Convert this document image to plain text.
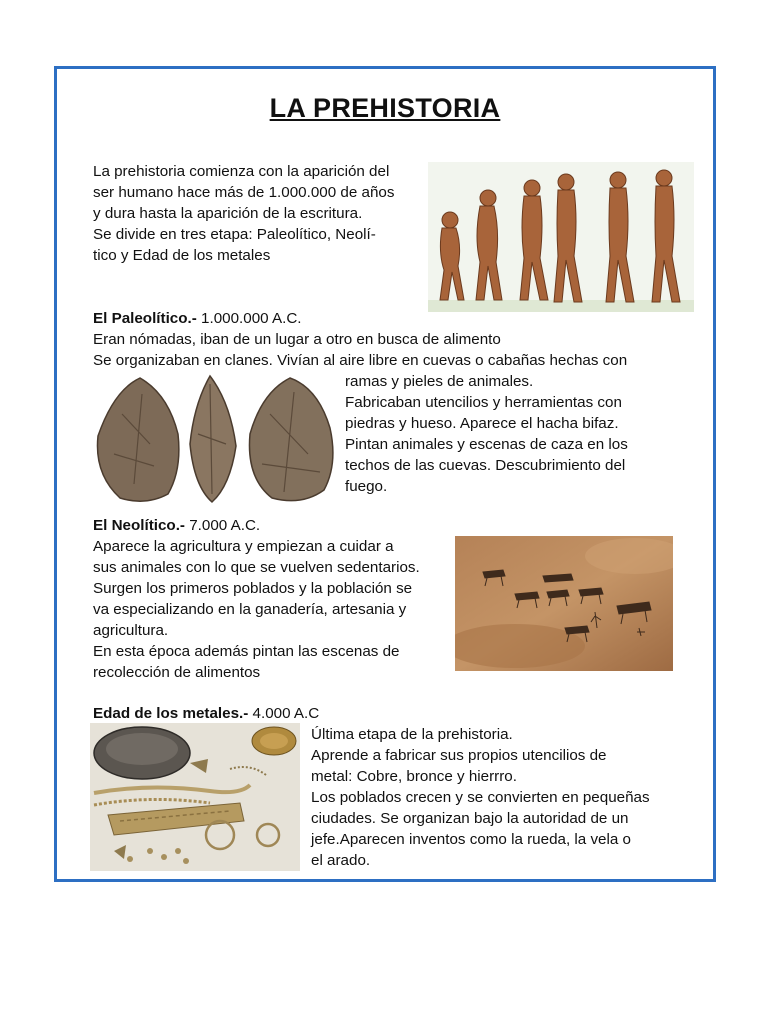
LA PREHISTORIA

La prehistoria comienza con la aparición del

ser humano hace más de 1.000.000 de años

y dura hasta la aparición de la escritura.

Se divide en tres etapa: Paleolítico, Neolí-

tico y Edad de los metales

El Paleolítico.- 1.000.000 A.C.

Eran nómadas, iban de un lugar a otro en busca de alimento

Se organizaban en clanes. Vivían al aire libre en cuevas o cabañas hechas con

ramas y pieles de animales.

Fabricaban utencilios y herramientas con

piedras y hueso. Aparece el hacha bifaz.

Pintan animales y escenas de caza en los

techos de las cuevas. Descubrimiento del

fuego.

El Neolítico.- 7.000 A.C.

Aparece la agricultura y empiezan a cuidar a

sus animales con lo que se vuelven sedentarios.

Surgen los primeros poblados y la población se

va especializando en la ganadería, artesania y

agricultura.

En esta época además pintan las escenas de

recolección de alimentos

Edad de los metales.- 4.000 A.C

Última etapa de la prehistoria.

Aprende a fabricar sus propios utencilios de

metal: Cobre, bronce y hierrro.

Los poblados crecen y se convierten en pequeñas

ciudades. Se organizan bajo la autoridad de un

jefe.Aparecen inventos como la rueda, la vela o

el arado.
